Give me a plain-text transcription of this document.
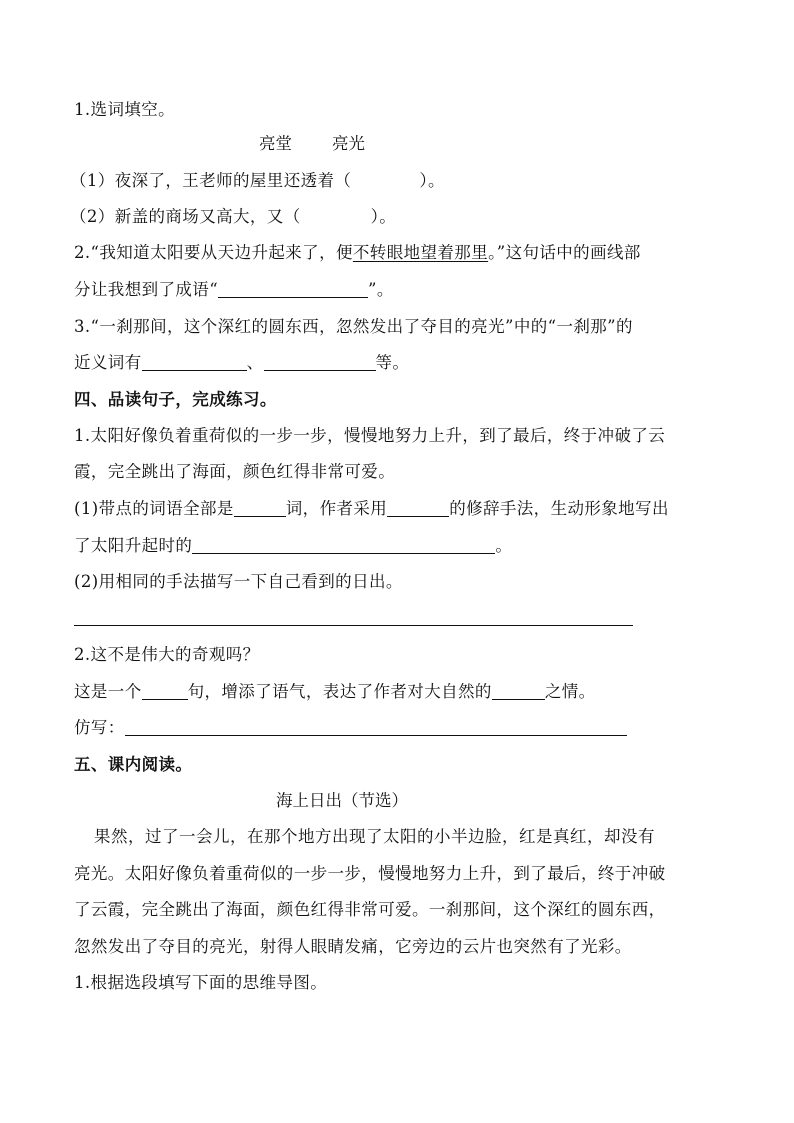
1.选词填空。
亮堂 亮光
（1）夜深了，王老师的屋里还透着（	）。
（2）新盖的商场又高大，又（	）。
2.“我知道太阳要从天边升起来了，便不转眼地望着那里。”这句话中的画线部
分让我想到了成语“	”。
3.“一刹那间，这个深红的圆东西，忽然发出了夺目的亮光”中的“一刹那”的
近义词有	、	等。
四、品读句子，完成练习。
1.太阳好像负着重荷似的一步一步，慢慢地努力上升，到了最后，终于冲破了云
霞，完全跳出了海面，颜色红得非常可爱。
(1)带点的词语全部是	词，作者采用	的修辞手法，生动形象地写出
了太阳升起时的	。
(2)用相同的手法描写一下自己看到的日出。
2.这不是伟大的奇观吗？
这是一个	句，增添了语气，表达了作者对大自然的	之情。
仿写：
五、课内阅读。
海上日出（节选）
果然，过了一会儿，在那个地方出现了太阳的小半边脸，红是真红，却没有
亮光。太阳好像负着重荷似的一步一步，慢慢地努力上升，到了最后，终于冲破
了云霞，完全跳出了海面，颜色红得非常可爱。一刹那间，这个深红的圆东西，
忽然发出了夺目的亮光，射得人眼睛发痛，它旁边的云片也突然有了光彩。
1.根据选段填写下面的思维导图。
